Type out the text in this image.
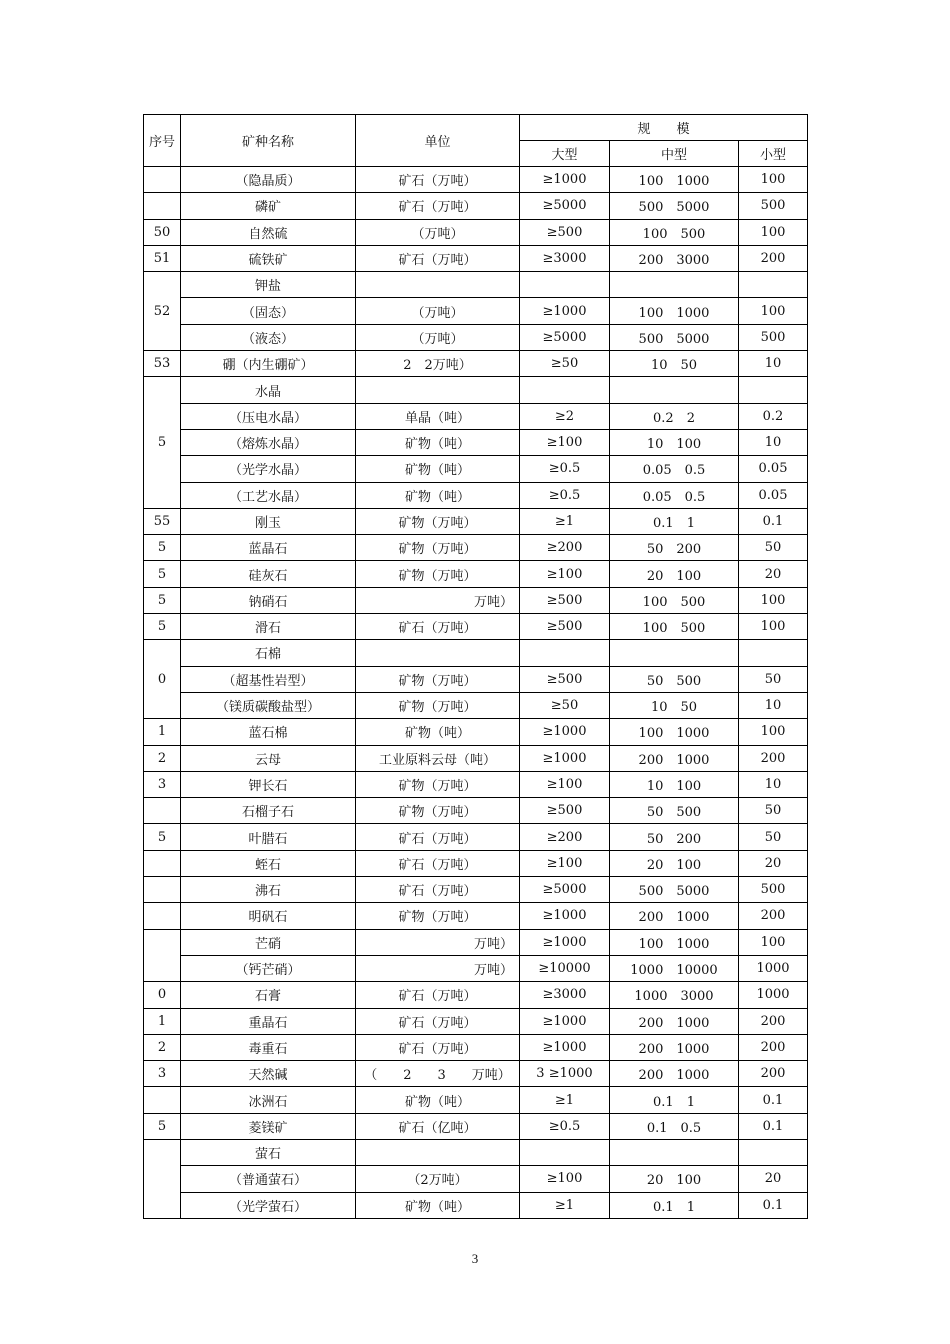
序号	矿种名称	单位	规　　模		
			大型	中型	小型
	（隐晶质）	矿石（万吨）	≥1000	100　1000	100
	磷矿	矿石（万吨）	≥5000	500　5000	500
50	自然硫	（万吨）	≥500	100　500	100
51	硫铁矿	矿石（万吨）	≥3000	200　3000	200
52	钾盐				
	（固态）	（万吨）	≥1000	100　1000	100
	（液态）	（万吨）	≥5000	500　5000	500
53	硼（内生硼矿）	2　2万吨）	≥50	10　50	10
5	水晶				
	（压电水晶）	单晶（吨）	≥2	0.2　2	0.2
	（熔炼水晶）	矿物（吨）	≥100	10　100	10
	（光学水晶）	矿物（吨）	≥0.5	0.05　0.5	0.05
	（工艺水晶）	矿物（吨）	≥0.5	0.05　0.5	0.05
55	刚玉	矿物（万吨）	≥1	0.1　1	0.1
5	蓝晶石	矿物（万吨）	≥200	50　200	50
5	硅灰石	矿物（万吨）	≥100	20　100	20
5	钠硝石	万吨）	≥500	100　500	100
5	滑石	矿石（万吨）	≥500	100　500	100
0	石棉				
	（超基性岩型）	矿物（万吨）	≥500	50　500	50
	（镁质碳酸盐型）	矿物（万吨）	≥50	10　50	10
1	蓝石棉	矿物（吨）	≥1000	100　1000	100
2	云母	工业原料云母（吨）	≥1000	200　1000	200
3	钾长石	矿物（万吨）	≥100	10　100	10
	石榴子石	矿物（万吨）	≥500	50　500	50
5	叶腊石	矿石（万吨）	≥200	50　200	50
	蛭石	矿石（万吨）	≥100	20　100	20
	沸石	矿石（万吨）	≥5000	500　5000	500
	明矾石	矿物（万吨）	≥1000	200　1000	200
	芒硝	万吨）	≥1000	100　1000	100
	（钙芒硝）	万吨）	≥10000	1000　10000	1000
0	石膏	矿石（万吨）	≥3000	1000　3000	1000
1	重晶石	矿石（万吨）	≥1000	200　1000	200
2	毒重石	矿石（万吨）	≥1000	200　1000	200
3	天然碱	（　　2　　3　　万吨）	3 ≥1000	200　1000	200
	冰洲石	矿物（吨）	≥1	0.1　1	0.1
5	菱镁矿	矿石（亿吨）	≥0.5	0.1　0.5	0.1
	萤石				
	（普通萤石）	（2万吨）	≥100	20　100	20
	（光学萤石）	矿物（吨）	≥1	0.1　1	0.1
3
